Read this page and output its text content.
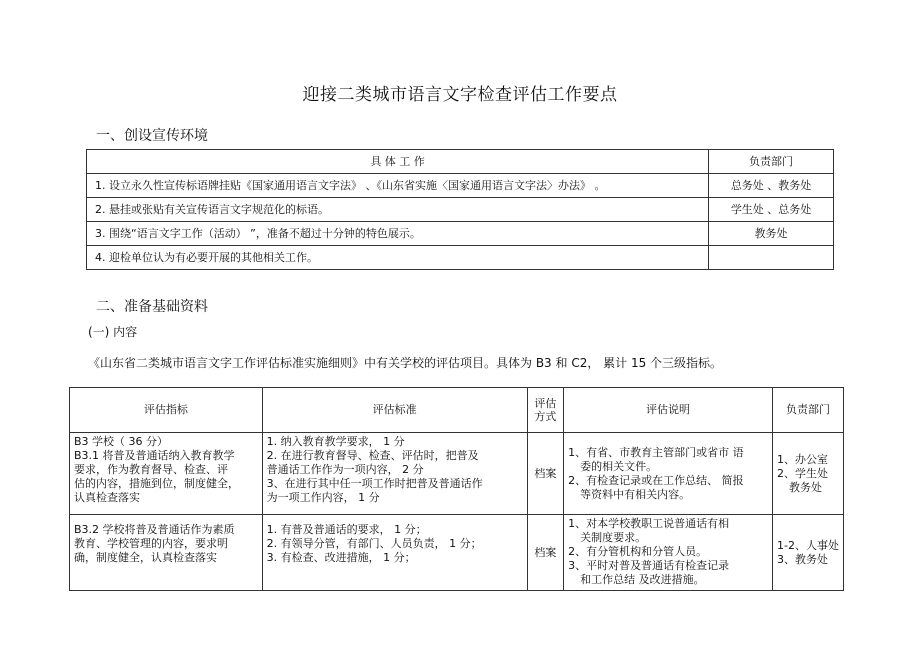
迎接二类城市语言文字检查评估工作要点
一、创设宣传环境
具 体 工 作	负责部门
1. 设立永久性宣传标语牌挂贴《国家通用语言文字法》 、《山东省实施〈国家通用语言文字法〉办法》 。	总务处 、教务处
2. 悬挂或张贴有关宣传语言文字规范化的标语。	学生处 、总务处
3. 围绕“语言文字工作（活动） ”，准备不超过十分钟的特色展示。	教务处
4. 迎检单位认为有必要开展的其他相关工作。	
二、准备基础资料
(一) 内容
《山东省二类城市语言文字工作评估标准实施细则》中有关学校的评估项目。具体为 B3 和 C2， 累计 15 个三级指标。
评估指标	评估标准	评估方式	评估说明	负责部门

B3 学校（ 36 分）
B3.1 将普及普通话纳入教育教学
要求，作为教育督导、检查、评
估的内容，措施到位，制度健全，
认真检查落实	1. 纳入教育教学要求， 1 分
2. 在进行教育督导、检查、评估时，把普及
普通话工作作为一项内容， 2 分
3、在进行其中任一项工作时把普及普通话作
为一项工作内容， 1 分	档案	1、有省、市教育主管部门或省市 语
委的相关文件。
2、有检查记录或在工作总结、 简报
等资料中有相关内容。	1、办公室
2、学生处
教务处

B3.2 学校将普及普通话作为素质
教育、学校管理的内容，要求明
确，制度健全，认真检查落实	1. 有普及普通话的要求， 1 分；
2. 有领导分管，有部门、人员负责， 1 分；
3. 有检查、改进措施， 1 分；	档案	1、对本学校教职工说普通话有相
关制度要求。
2、有分管机构和分管人员。
3、平时对普及普通话有检查记录
和工作总结 及改进措施。	1-2、人事处
3、教务处
